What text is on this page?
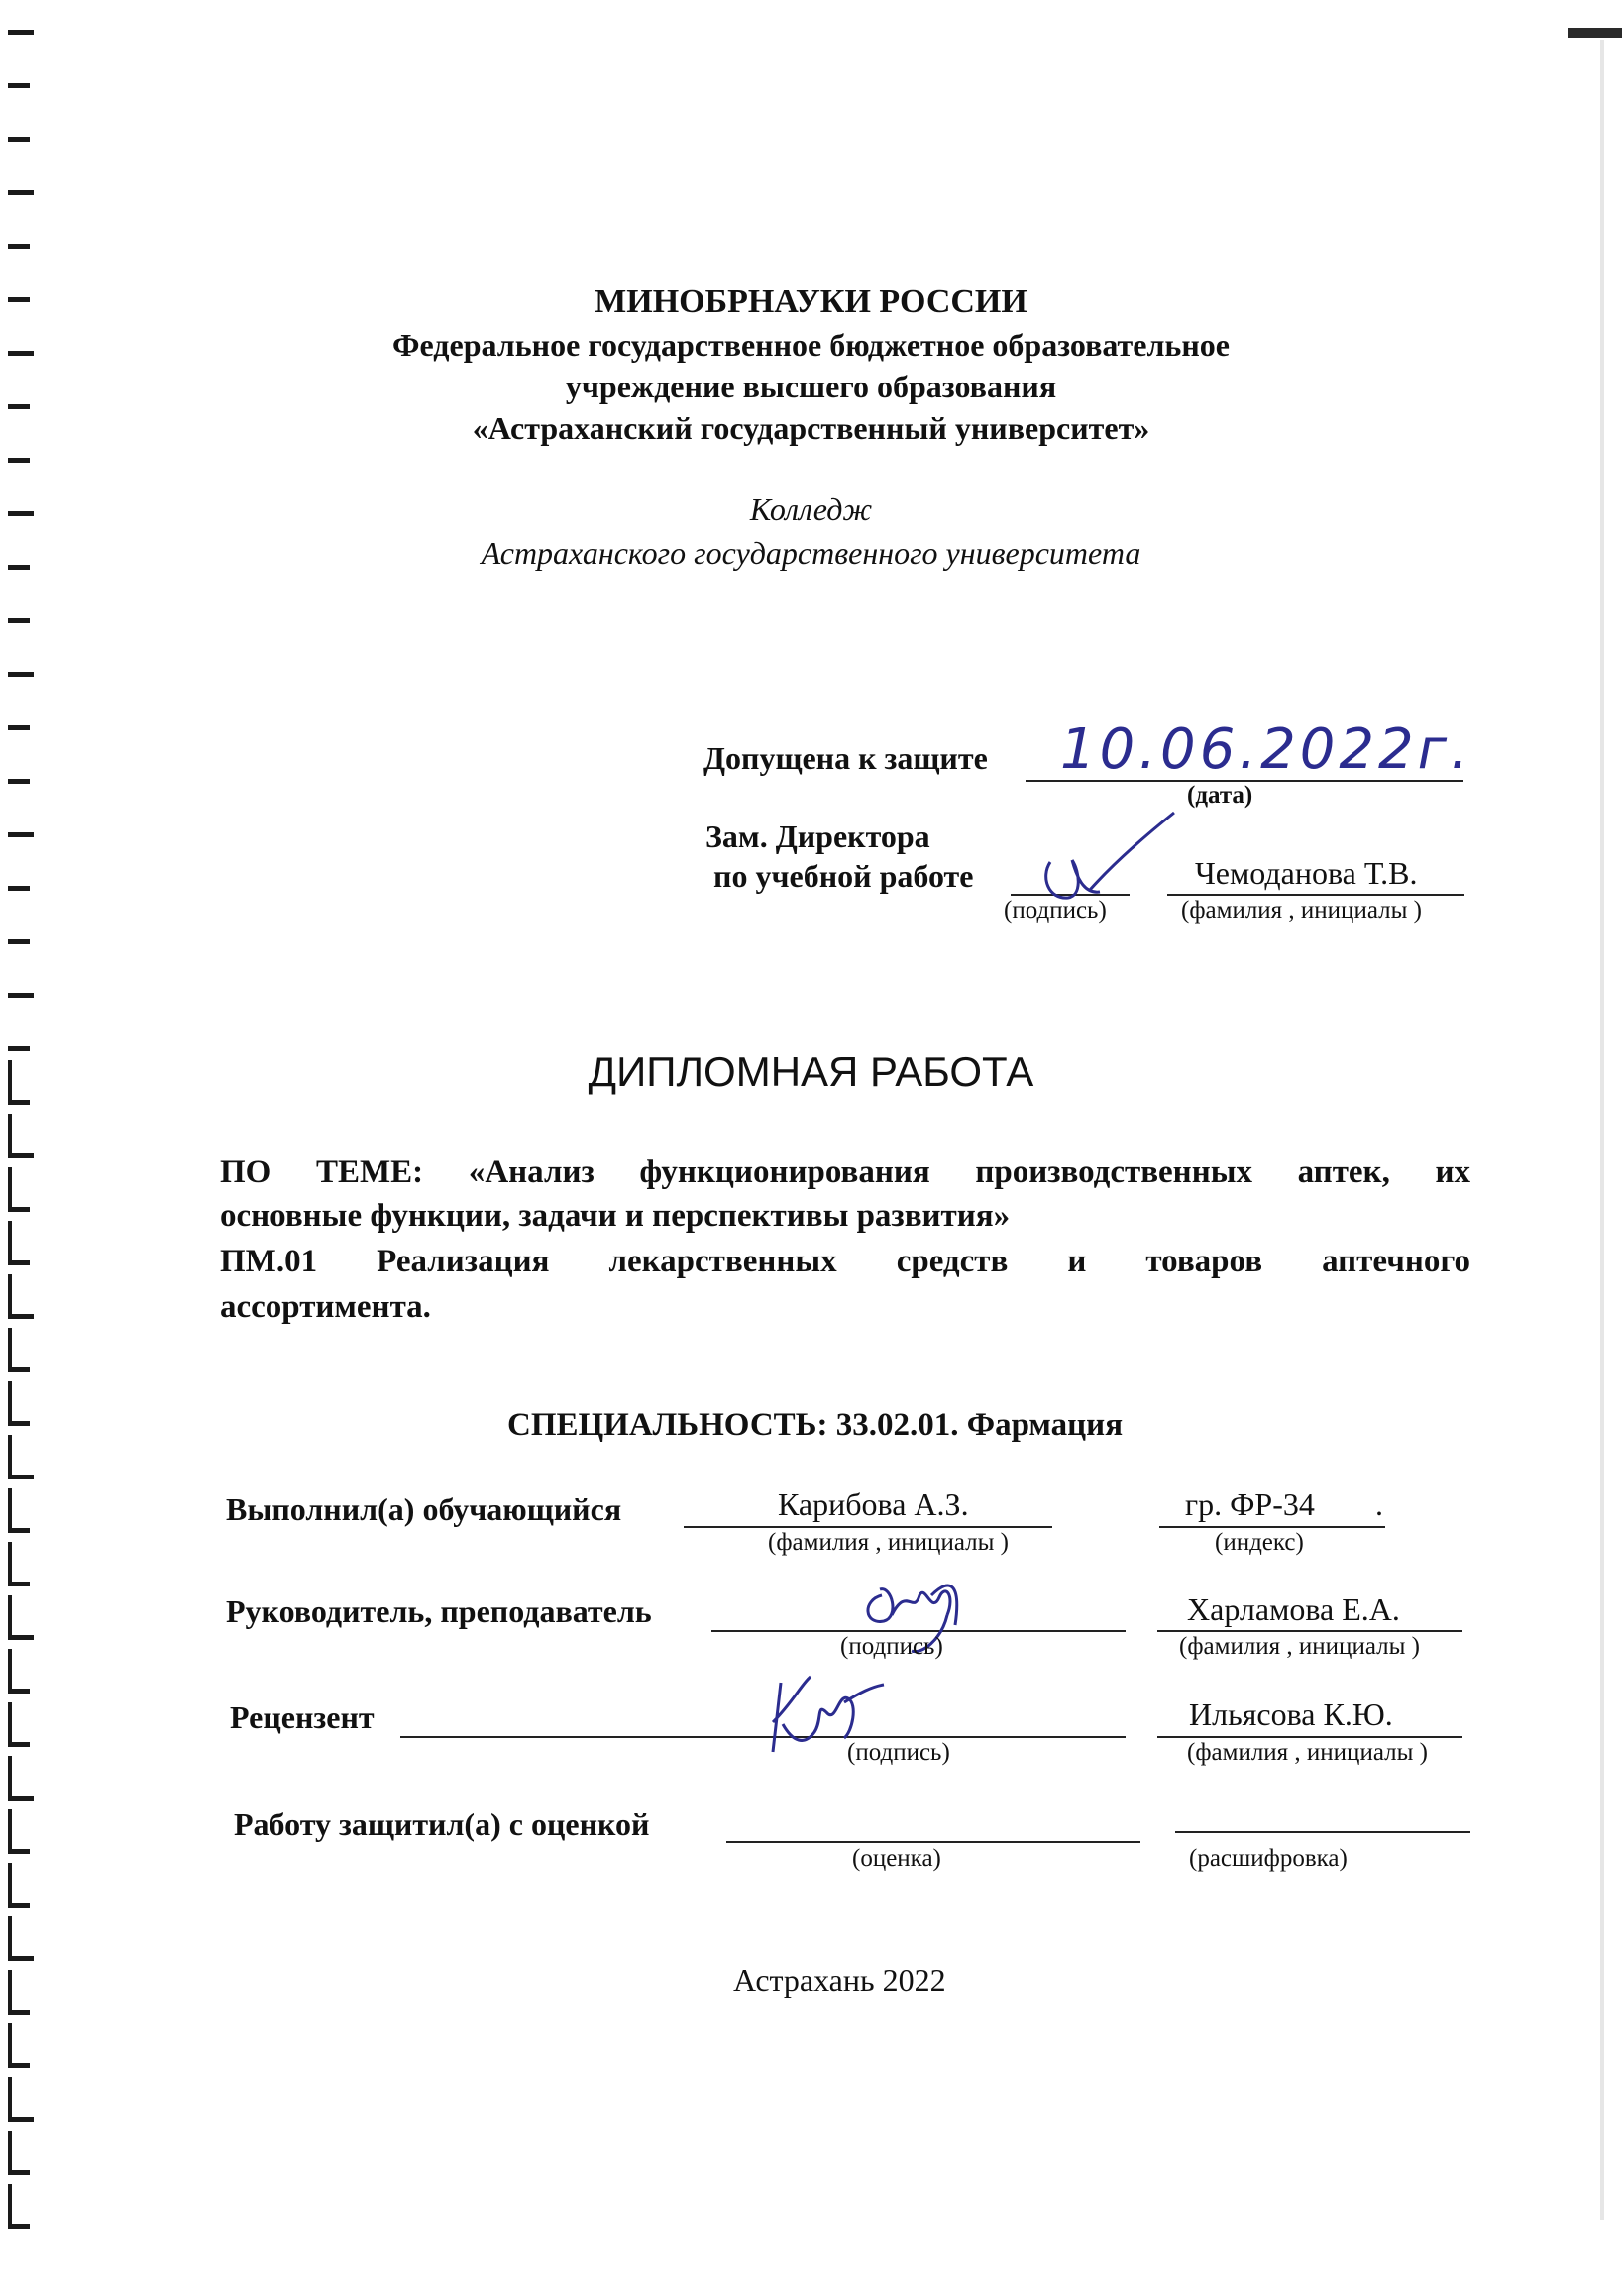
МИНОБРНАУКИ РОССИИ
Федеральное государственное бюджетное образовательное
учреждение высшего образования
«Астраханский государственный университет»
Колледж
Астраханского государственного университета
Допущена к защите 10.06.2022г.
(дата)
Зам. Директора
по учебной работе
(подпись)
Чемоданова Т.В.
(фамилия , инициалы )
ДИПЛОМНАЯ РАБОТА
ПО ТЕМЕ: «Анализ функционирования производственных аптек, их
основные функции, задачи и перспективы развития»
ПМ.01 Реализация лекарственных средств и товаров аптечного
ассортимента.
СПЕЦИАЛЬНОСТЬ: 33.02.01. Фармация
Выполнил(а) обучающийся	Карибова А.З.
(фамилия , инициалы )
гр. ФР-34 .
(индекс)
Руководитель, преподаватель
(подпись)
Харламова Е.А.
(фамилия , инициалы )
Рецензент
(подпись)
Ильясова К.Ю.
(фамилия , инициалы )
Работу защитил(а) с оценкой
(оценка)	(расшифровка)
Астрахань 2022
